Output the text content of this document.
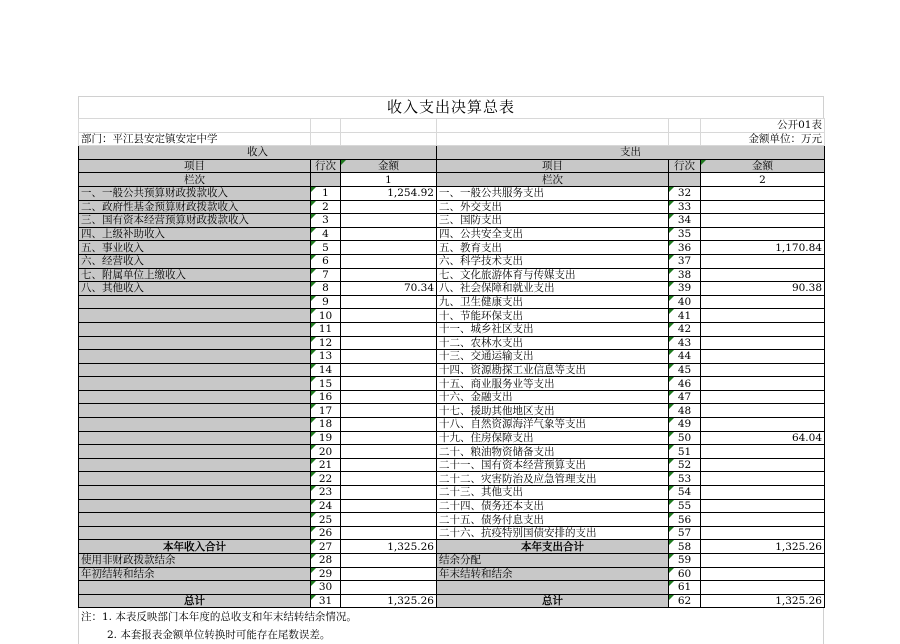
收入支出决算总表
					公开01表
部门：平江县安定镇安定中学					金额单位：万元
收入			支出		
项目	行次	金额	项目	行次	金额
栏次		1	栏次		2
一、一般公共预算财政拨款收入	1	1,254.92	一、一般公共服务支出	32	
二、政府性基金预算财政拨款收入	2		二、外交支出	33	
三、国有资本经营预算财政拨款收入	3		三、国防支出	34	
四、上级补助收入	4		四、公共安全支出	35	
五、事业收入	5		五、教育支出	36	1,170.84
六、经营收入	6		六、科学技术支出	37	
七、附属单位上缴收入	7		七、文化旅游体育与传媒支出	38	
八、其他收入	8	70.34	八、社会保障和就业支出	39	90.38
	9		九、卫生健康支出	40	
	10		十、节能环保支出	41	
	11		十一、城乡社区支出	42	
	12		十二、农林水支出	43	
	13		十三、交通运输支出	44	
	14		十四、资源勘探工业信息等支出	45	
	15		十五、商业服务业等支出	46	
	16		十六、金融支出	47	
	17		十七、援助其他地区支出	48	
	18		十八、自然资源海洋气象等支出	49	
	19		十九、住房保障支出	50	64.04
	20		二十、粮油物资储备支出	51	
	21		二十一、国有资本经营预算支出	52	
	22		二十二、灾害防治及应急管理支出	53	
	23		二十三、其他支出	54	
	24		二十四、债务还本支出	55	
	25		二十五、债务付息支出	56	
	26		二十六、抗疫特别国债安排的支出	57	
本年收入合计	27	1,325.26	本年支出合计	58	1,325.26
使用非财政拨款结余	28		结余分配	59	
年初结转和结余	29		年末结转和结余	60	
	30			61	
总计	31	1,325.26	总计	62	1,325.26
注：1. 本表反映部门本年度的总收支和年末结转结余情况。
2. 本套报表金额单位转换时可能存在尾数误差。
